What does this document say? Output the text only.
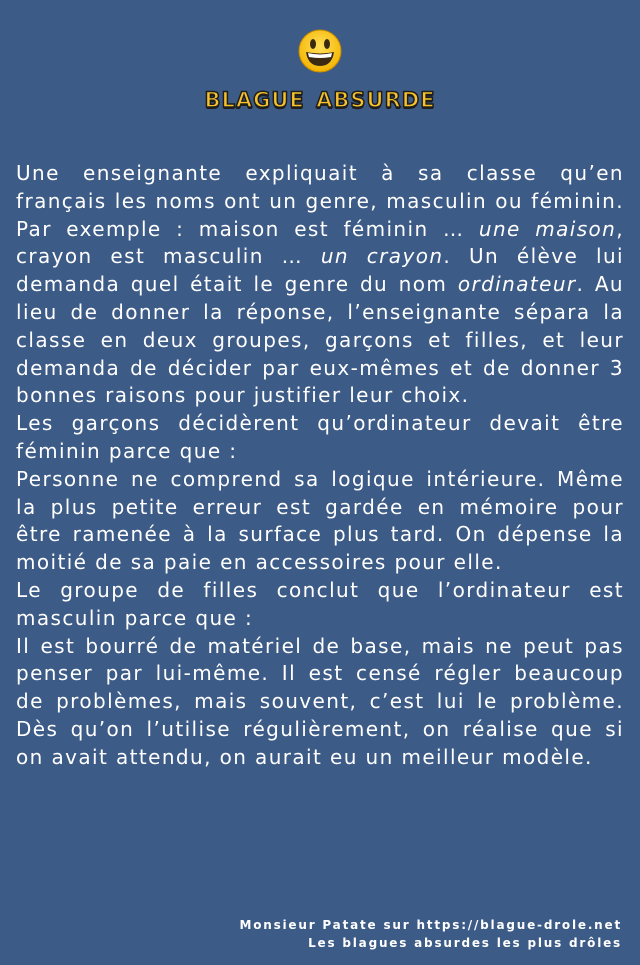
blague absurde

Une enseignante expliquait à sa classe qu’en français les noms ont un genre, masculin ou féminin. Par exemple : maison est féminin … une maison, crayon est masculin … un crayon. Un élève lui demanda quel était le genre du nom ordinateur. Au lieu de donner la réponse, l’enseignante sépara la classe en deux groupes, garçons et filles, et leur demanda de décider par eux-mêmes et de donner 3 bonnes raisons pour justifier leur choix.

Les garçons décidèrent qu’ordinateur devait être féminin parce que :

Personne ne comprend sa logique intérieure. Même la plus petite erreur est gardée en mémoire pour être ramenée à la surface plus tard. On dépense la moitié de sa paie en accessoires pour elle.

Le groupe de filles conclut que l’ordinateur est masculin parce que :

Il est bourré de matériel de base, mais ne peut pas penser par lui-même. Il est censé régler beaucoup de problèmes, mais souvent, c’est lui le problème. Dès qu’on l’utilise régulièrement, on réalise que si on avait attendu, on aurait eu un meilleur modèle.

Monsieur Patate sur https://blague-drole.net
Les blagues absurdes les plus drôles
